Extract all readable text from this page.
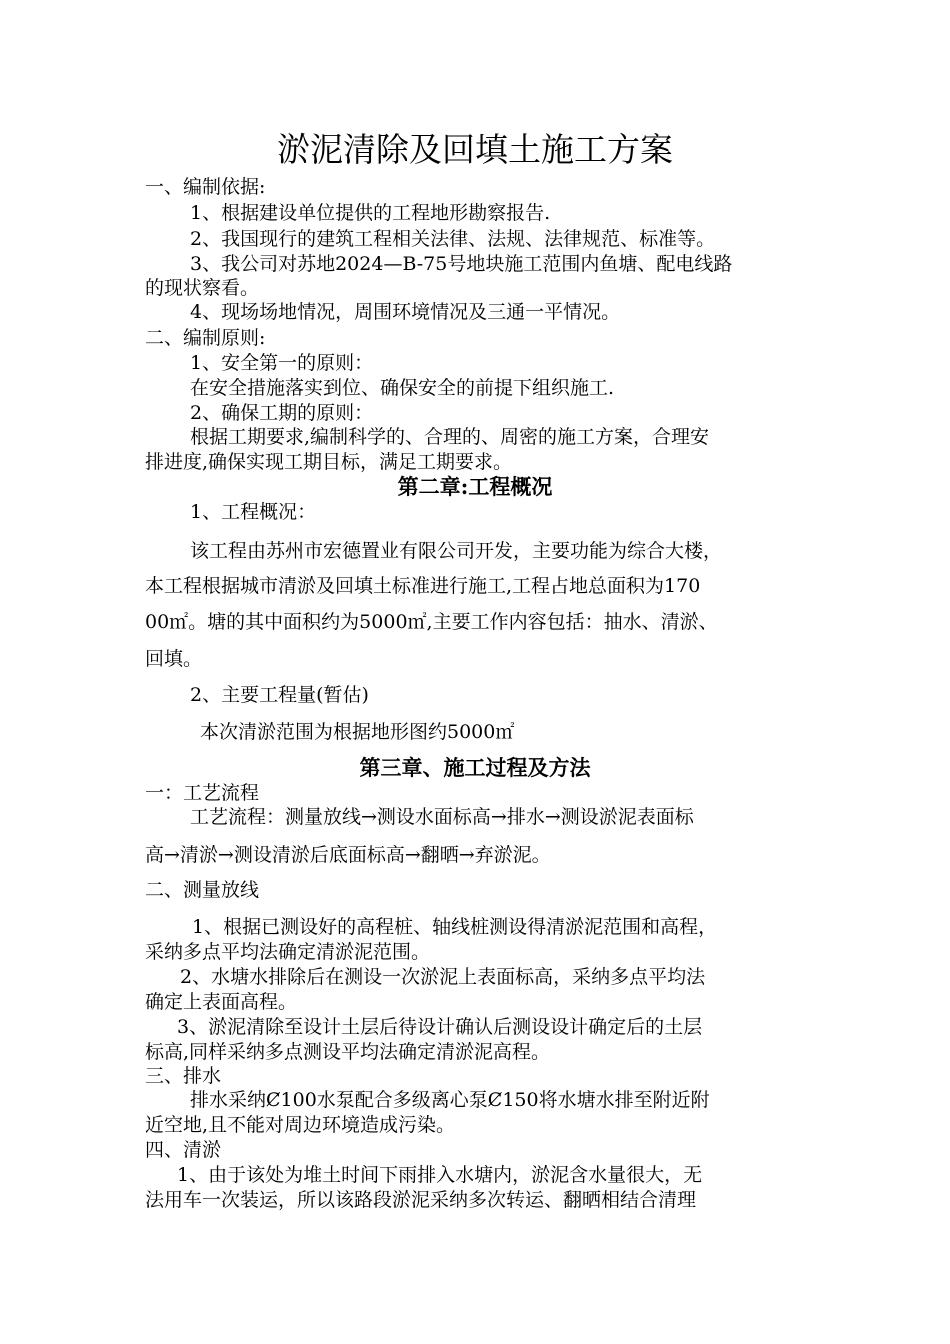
淤泥清除及回填土施工方案
一、编制依据:
1、根据建设单位提供的工程地形勘察报告.
2、我国现行的建筑工程相关法律、法规、法律规范、标准等。
3、我公司对苏地2024—B-75号地块施工范围内鱼塘、配电线路
的现状察看。
4、现场场地情况，周围环境情况及三通一平情况。
二、编制原则:
1、安全第一的原则：
在安全措施落实到位、确保安全的前提下组织施工.
2、确保工期的原则：
根据工期要求,编制科学的、合理的、周密的施工方案，合理安
排进度,确保实现工期目标，满足工期要求。
第二章:工程概况
1、工程概况：
该工程由苏州市宏德置业有限公司开发，主要功能为综合大楼，
本工程根据城市清淤及回填土标准进行施工,工程占地总面积为170
00㎡。塘的其中面积约为5000㎡,主要工作内容包括：抽水、清淤、
回填。
2、主要工程量(暂估)
本次清淤范围为根据地形图约5000㎡
第三章、施工过程及方法
一：工艺流程
工艺流程：测量放线→测设水面标高→排水→测设淤泥表面标
高→清淤→测设清淤后底面标高→翻晒→弃淤泥。
二、测量放线
1、根据已测设好的高程桩、轴线桩测设得清淤泥范围和高程，
采纳多点平均法确定清淤泥范围。
2、水塘水排除后在测设一次淤泥上表面标高，采纳多点平均法
确定上表面高程。
3、淤泥清除至设计土层后待设计确认后测设设计确定后的土层
标高,同样采纳多点测设平均法确定清淤泥高程。
三、排水
排水采纳Ȼ100水泵配合多级离心泵Ȼ150将水塘水排至附近附
近空地,且不能对周边环境造成污染。
四、清淤
1、由于该处为堆土时间下雨排入水塘内，淤泥含水量很大，无
法用车一次装运，所以该路段淤泥采纳多次转运、翻晒相结合清理
